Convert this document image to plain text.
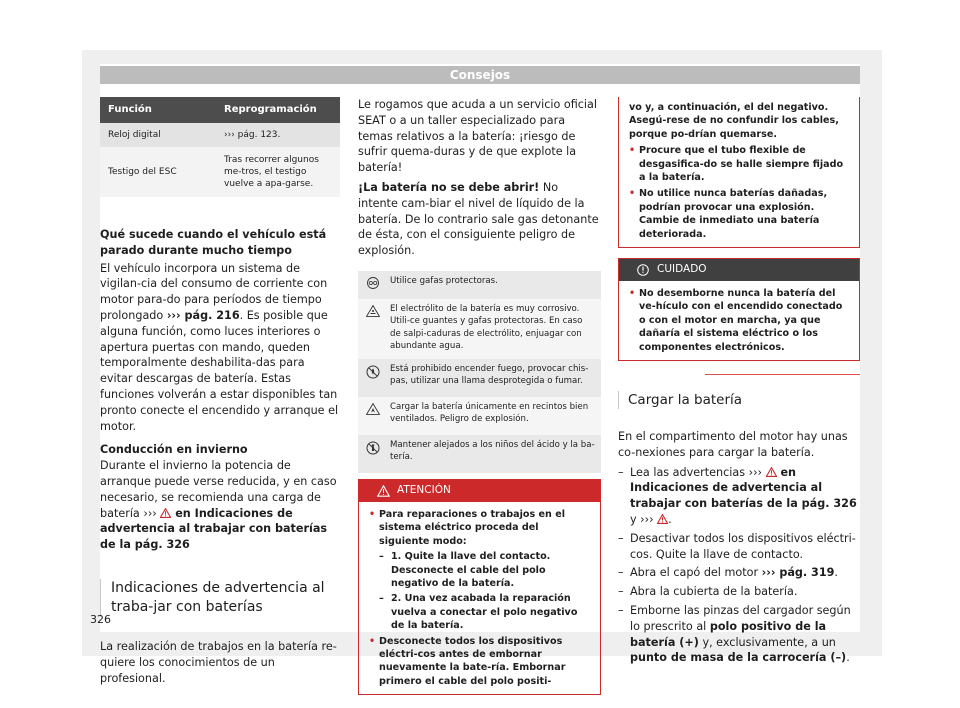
Consejos
Función	Reprogramación
Reloj digital	››› pág. 123.
Testigo del ESC	Tras recorrer algunos me-tros, el testigo vuelve a apa-garse.

Qué sucede cuando el vehículo está parado durante mucho tiempo

El vehículo incorpora un sistema de vigilan-cia del consumo de corriente con motor para-do para períodos de tiempo prolongado ››› pág. 216. Es posible que alguna función, como luces interiores o apertura puertas con mando, queden temporalmente deshabilita-das para evitar descargas de batería. Estas funciones volverán a estar disponibles tan pronto conecte el encendido y arranque el motor.

Conducción en invierno

Durante el invierno la potencia de arranque puede verse reducida, y en caso necesario, se recomienda una carga de batería ›››  en Indicaciones de advertencia al trabajar con baterías de la pág. 326

Indicaciones de advertencia al traba-jar con baterías

La realización de trabajos en la batería re-quiere los conocimientos de un profesional.

326

Le rogamos que acuda a un servicio oficial SEAT o a un taller especializado para temas relativos a la batería: ¡riesgo de sufrir quema-duras y de que explote la batería!

¡La batería no se debe abrir! No intente cam-biar el nivel de líquido de la batería. De lo contrario sale gas detonante de ésta, con el consiguiente peligro de explosión.

Utilice gafas protectoras.
El electrólito de la batería es muy corrosivo. Utili-ce guantes y gafas protectoras. En caso de salpi-caduras de electrólito, enjuagar con abundante agua.
Está prohibido encender fuego, provocar chis-pas, utilizar una llama desprotegida o fumar.
Cargar la batería únicamente en recintos bien ventilados. Peligro de explosión.
Mantener alejados a los niños del ácido y la ba-tería.
ATENCIÓN
• Para reparaciones o trabajos en el sistema eléctrico proceda del siguiente modo:
– 1. Quite la llave del contacto. Desconecte el cable del polo negativo de la batería.
– 2. Una vez acabada la reparación vuelva a conectar el polo negativo de la batería.
• Desconecte todos los dispositivos eléctri-cos antes de embornar nuevamente la bate-ría. Embornar primero el cable del polo positi-
vo y, a continuación, el del negativo. Asegú-rese de no confundir los cables, porque po-drían quemarse.
• Procure que el tubo flexible de desgasifica-do se halle siempre fijado a la batería.
• No utilice nunca baterías dañadas, podrían provocar una explosión. Cambie de inmediato una batería deteriorada.
CUIDADO
• No desemborne nunca la batería del ve-hículo con el encendido conectado o con el motor en marcha, ya que dañaría el sistema eléctrico o los componentes electrónicos.

Cargar la batería

En el compartimento del motor hay unas co-nexiones para cargar la batería.

– Lea las advertencias ›››  en Indicaciones de advertencia al trabajar con baterías de la pág. 326 y ››› .
– Desactivar todos los dispositivos eléctri-cos. Quite la llave de contacto.
– Abra el capó del motor ››› pág. 319.
– Abra la cubierta de la batería.
– Emborne las pinzas del cargador según lo prescrito al polo positivo de la batería (+) y, exclusivamente, a un punto de masa de la carrocería (–).
